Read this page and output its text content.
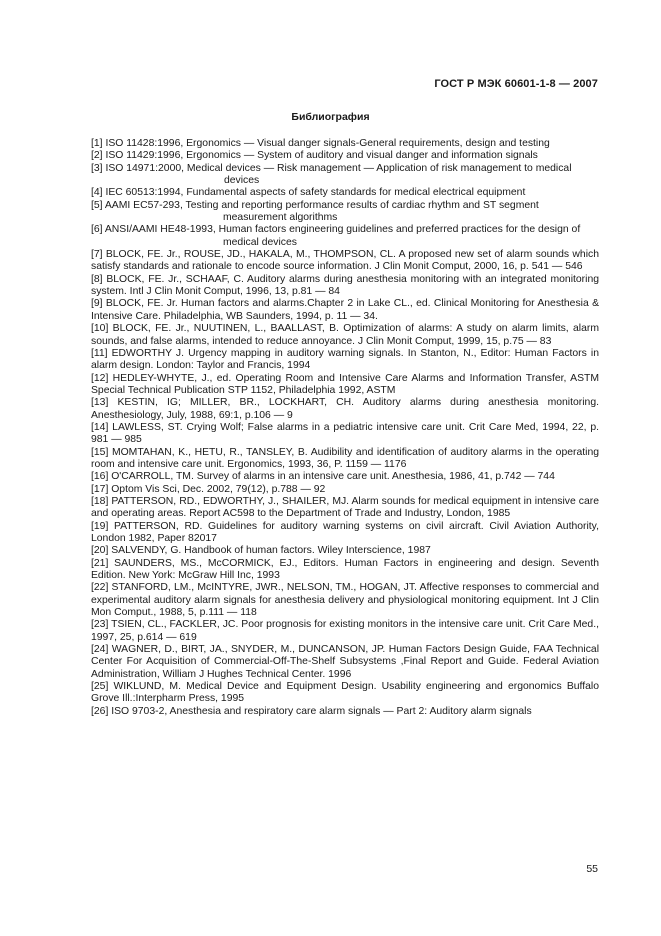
ГОСТ Р МЭК 60601-1-8 — 2007
Библиография

[1] ISO 11428:1996, Ergonomics — Visual danger signals-General requirements, design and testing

[2] ISO 11429:1996, Ergonomics — System of auditory and visual danger and information signals

[3] ISO 14971:2000, Medical devices — Risk management — Application of risk management to medical devices

[4] IEC 60513:1994, Fundamental aspects of safety standards for medical electrical equipment

[5] AAMI EC57-293, Testing and reporting performance results of cardiac rhythm and ST segment measurement algorithms

[6] ANSI/AAMI HE48-1993, Human factors engineering guidelines and preferred practices for the design of medical devices

[7] BLOCK, FE. Jr., ROUSE, JD., HAKALA, M., THOMPSON, CL. A proposed new set of alarm sounds which satisfy standards and rationale to encode source information. J Clin Monit Comput, 2000, 16, p. 541 — 546

[8] BLOCK, FE. Jr., SCHAAF, C. Auditory alarms during anesthesia monitoring with an integrated monitoring system. Intl J Clin Monit Comput, 1996, 13, p.81 — 84

[9] BLOCK, FE. Jr. Human factors and alarms.Chapter 2 in Lake CL., ed. Clinical Monitoring for Anesthesia & Intensive Care. Philadelphia, WB Saunders, 1994, p. 11 — 34.

[10] BLOCK, FE. Jr., NUUTINEN, L., BAALLAST, B. Optimization of alarms: A study on alarm limits, alarm sounds, and false alarms, intended to reduce annoyance. J Clin Monit Comput, 1999, 15, p.75 — 83

[11] EDWORTHY J. Urgency mapping in auditory warning signals. In Stanton, N., Editor: Human Factors in alarm design. London: Taylor and Francis, 1994

[12] HEDLEY-WHYTE, J., ed. Operating Room and Intensive Care Alarms and Information Transfer, ASTM Special Technical Publication STP 1152, Philadelphia 1992, ASTM

[13] KESTIN, IG; MILLER, BR., LOCKHART, CH. Auditory alarms during anesthesia monitoring. Anesthesiology, July, 1988, 69:1, p.106 — 9

[14] LAWLESS, ST. Crying Wolf; False alarms in a pediatric intensive care unit. Crit Care Med, 1994, 22, p. 981 — 985

[15] MOMTAHAN, K., HETU, R., TANSLEY, B. Audibility and identification of auditory alarms in the operating room and intensive care unit. Ergonomics, 1993, 36, P. 1159 — 1176

[16] O'CARROLL, TM. Survey of alarms in an intensive care unit. Anesthesia, 1986, 41, p.742 — 744

[17] Optom Vis Sci, Dec. 2002, 79(12), p.788 — 92

[18] PATTERSON, RD., EDWORTHY, J., SHAILER, MJ. Alarm sounds for medical equipment in intensive care and operating areas. Report AC598 to the Department of Trade and Industry, London, 1985

[19] PATTERSON, RD. Guidelines for auditory warning systems on civil aircraft. Civil Aviation Authority, London 1982, Paper 82017

[20] SALVENDY, G. Handbook of human factors. Wiley Interscience, 1987

[21] SAUNDERS, MS., McCORMICK, EJ., Editors. Human Factors in engineering and design. Seventh Edition. New York: McGraw Hill Inc, 1993

[22] STANFORD, LM., McINTYRE, JWR., NELSON, TM., HOGAN, JT. Affective responses to commercial and experimental auditory alarm signals for anesthesia delivery and physiological monitoring equipment. Int J Clin Mon Comput., 1988, 5, p.111 — 118

[23] TSIEN, CL., FACKLER, JC. Poor prognosis for existing monitors in the intensive care unit. Crit Care Med., 1997, 25, p.614 — 619

[24] WAGNER, D., BIRT, JA., SNYDER, M., DUNCANSON, JP. Human Factors Design Guide, FAA Technical Center For Acquisition of Commercial-Off-The-Shelf Subsystems ,Final Report and Guide. Federal Aviation Administration, William J Hughes Technical Center. 1996

[25] WIKLUND, M. Medical Device and Equipment Design. Usability engineering and ergonomics Buffalo Grove Ill.:Interpharm Press, 1995

[26] ISO 9703-2, Anesthesia and respiratory care alarm signals — Part 2: Auditory alarm signals

55
